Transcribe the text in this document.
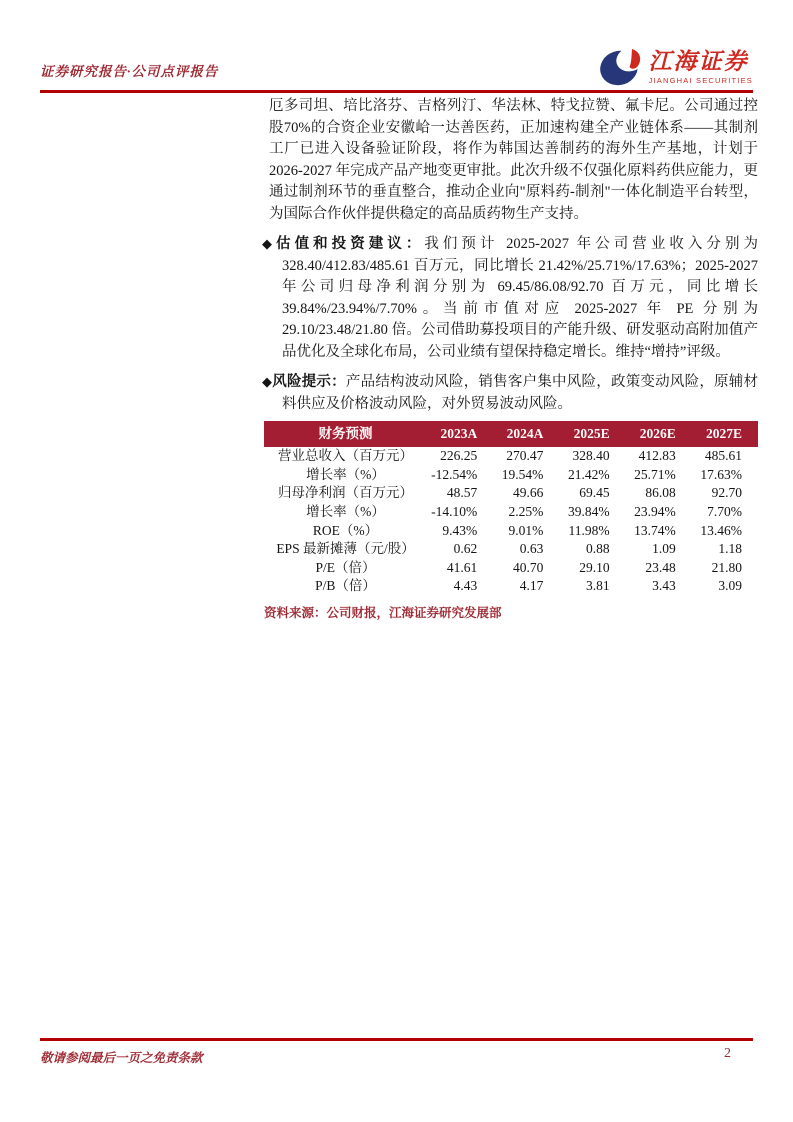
证券研究报告·公司点评报告	江海证券
JIANGHAI SECURITIES

厄多司坦、培比洛芬、吉格列汀、华法林、特戈拉赞、氟卡尼。公司通过控股70%的合资企业安徽峆一达善医药，正加速构建全产业链体系——其制剂工厂已进入设备验证阶段，将作为韩国达善制药的海外生产基地，计划于 2026-2027 年完成产品产地变更审批。此次升级不仅强化原料药供应能力，更通过制剂环节的垂直整合，推动企业向"原料药-制剂"一体化制造平台转型，为国际合作伙伴提供稳定的高品质药物生产支持。

◆估值和投资建议：我们预计 2025-2027 年公司营业收入分别为 328.40/412.83/485.61 百万元，同比增长 21.42%/25.71%/17.63%；2025-2027 年公司归母净利润分别为 69.45/86.08/92.70 百万元，同比增长 39.84%/23.94%/7.70%。当前市值对应 2025-2027 年 PE 分别为 29.10/23.48/21.80 倍。公司借助募投项目的产能升级、研发驱动高附加值产品优化及全球化布局，公司业绩有望保持稳定增长。维持“增持”评级。
◆风险提示：产品结构波动风险，销售客户集中风险，政策变动风险，原辅材料供应及价格波动风险，对外贸易波动风险。
财务预测	2023A	2024A	2025E	2026E	2027E
营业总收入（百万元）	226.25	270.47	328.40	412.83	485.61
增长率（%）	-12.54%	19.54%	21.42%	25.71%	17.63%
归母净利润（百万元）	48.57	49.66	69.45	86.08	92.70
增长率（%）	-14.10%	2.25%	39.84%	23.94%	7.70%
ROE（%）	9.43%	9.01%	11.98%	13.74%	13.46%
EPS 最新摊薄（元/股）	0.62	0.63	0.88	1.09	1.18
P/E（倍）	41.61	40.70	29.10	23.48	21.80
P/B（倍）	4.43	4.17	3.81	3.43	3.09
资料来源：公司财报，江海证券研究发展部
敬请参阅最后一页之免责条款	2
